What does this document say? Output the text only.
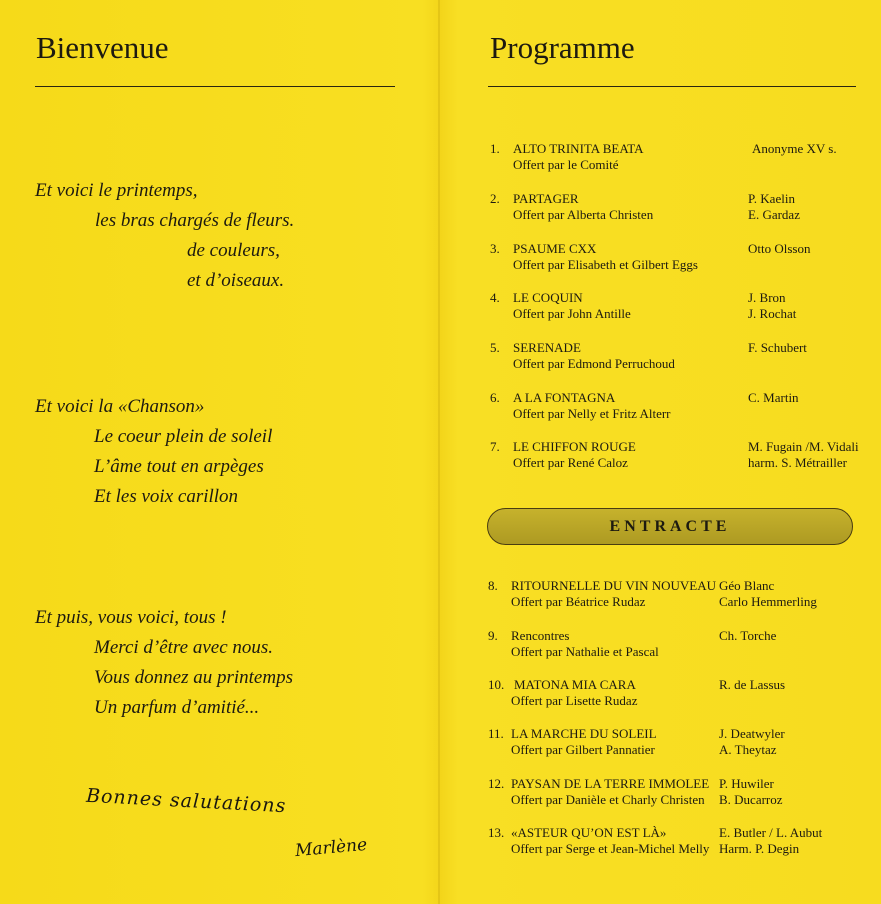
Bienvenue
Et voici le printemps,
les bras chargés de fleurs.
de couleurs,
et d’oiseaux.
Et voici la «Chanson»
Le coeur plein de soleil
L’âme tout en arpèges
Et les voix carillon
Et puis, vous voici, tous !
Merci d’être avec nous.
Vous donnez au printemps
Un parfum d’amitié...
Bonnes salutations
Marlène
Programme
1. ALTO TRINITA BEATA
Offert par le Comité
Anonyme XV s.
2. PARTAGER
Offert par Alberta Christen
P. Kaelin
E. Gardaz
3. PSAUME CXX
Offert par Elisabeth et Gilbert Eggs
Otto Olsson
4. LE COQUIN
Offert par John Antille
J. Bron
J. Rochat
5. SERENADE
Offert par Edmond Perruchoud
F. Schubert
6. A LA FONTAGNA
Offert par Nelly et Fritz Alterr
C. Martin
7. LE CHIFFON ROUGE
Offert par René Caloz
M. Fugain /M. Vidali
harm. S. Métrailler
ENTRACTE
8. RITOURNELLE DU VIN NOUVEAU
Offert par Béatrice Rudaz
Géo Blanc
Carlo Hemmerling
9. Rencontres
Offert par Nathalie et Pascal
Ch. Torche
10. MATONA MIA CARA
Offert par Lisette Rudaz
R. de Lassus
11. LA MARCHE DU SOLEIL
Offert par Gilbert Pannatier
J. Deatwyler
A. Theytaz
12. PAYSAN DE LA TERRE IMMOLEE
Offert par Danièle et Charly Christen
P. Huwiler
B. Ducarroz
13. «ASTEUR QU’ON EST LÀ»
Offert par Serge et Jean-Michel Melly
E. Butler / L. Aubut
Harm. P. Degin
